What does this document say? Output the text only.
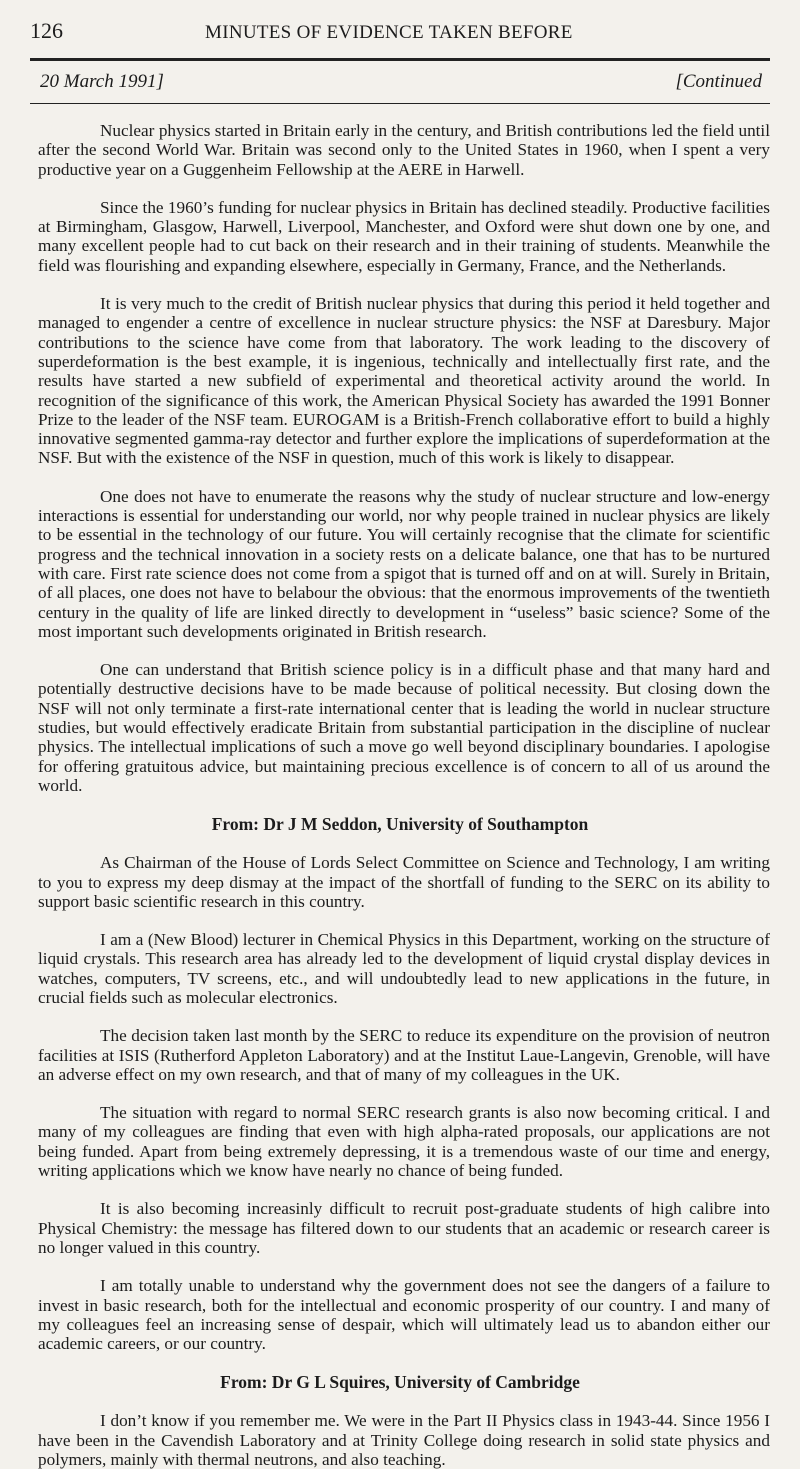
126	MINUTES OF EVIDENCE TAKEN BEFORE
20 March 1991]	[Continued

Nuclear physics started in Britain early in the century, and British contributions led the field until after the second World War. Britain was second only to the United States in 1960, when I spent a very productive year on a Guggenheim Fellowship at the AERE in Harwell.

Since the 1960’s funding for nuclear physics in Britain has declined steadily. Productive facilities at Birmingham, Glasgow, Harwell, Liverpool, Manchester, and Oxford were shut down one by one, and many excellent people had to cut back on their research and in their training of students. Meanwhile the field was flourishing and expanding elsewhere, especially in Germany, France, and the Netherlands.

It is very much to the credit of British nuclear physics that during this period it held together and managed to engender a centre of excellence in nuclear structure physics: the NSF at Daresbury. Major contributions to the science have come from that laboratory. The work leading to the discovery of superdeformation is the best example, it is ingenious, technically and intellectually first rate, and the results have started a new subfield of experimental and theoretical activity around the world. In recognition of the significance of this work, the American Physical Society has awarded the 1991 Bonner Prize to the leader of the NSF team. EUROGAM is a British-French collaborative effort to build a highly innovative segmented gamma-ray detector and further explore the implications of superdeformation at the NSF. But with the existence of the NSF in question, much of this work is likely to disappear.

One does not have to enumerate the reasons why the study of nuclear structure and low-energy interactions is essential for understanding our world, nor why people trained in nuclear physics are likely to be essential in the technology of our future. You will certainly recognise that the climate for scientific progress and the technical innovation in a society rests on a delicate balance, one that has to be nurtured with care. First rate science does not come from a spigot that is turned off and on at will. Surely in Britain, of all places, one does not have to belabour the obvious: that the enormous improvements of the twentieth century in the quality of life are linked directly to development in “useless” basic science? Some of the most important such developments originated in British research.

One can understand that British science policy is in a difficult phase and that many hard and potentially destructive decisions have to be made because of political necessity. But closing down the NSF will not only terminate a first-rate international center that is leading the world in nuclear structure studies, but would effectively eradicate Britain from substantial participation in the discipline of nuclear physics. The intellectual implications of such a move go well beyond disciplinary boundaries. I apologise for offering gratuitous advice, but maintaining precious excellence is of concern to all of us around the world.

From: Dr J M Seddon, University of Southampton

As Chairman of the House of Lords Select Committee on Science and Technology, I am writing to you to express my deep dismay at the impact of the shortfall of funding to the SERC on its ability to support basic scientific research in this country.

I am a (New Blood) lecturer in Chemical Physics in this Department, working on the structure of liquid crystals. This research area has already led to the development of liquid crystal display devices in watches, computers, TV screens, etc., and will undoubtedly lead to new applications in the future, in crucial fields such as molecular electronics.

The decision taken last month by the SERC to reduce its expenditure on the provision of neutron facilities at ISIS (Rutherford Appleton Laboratory) and at the Institut Laue-Langevin, Grenoble, will have an adverse effect on my own research, and that of many of my colleagues in the UK.

The situation with regard to normal SERC research grants is also now becoming critical. I and many of my colleagues are finding that even with high alpha-rated proposals, our applications are not being funded. Apart from being extremely depressing, it is a tremendous waste of our time and energy, writing applications which we know have nearly no chance of being funded.

It is also becoming increasinly difficult to recruit post-graduate students of high calibre into Physical Chemistry: the message has filtered down to our students that an academic or research career is no longer valued in this country.

I am totally unable to understand why the government does not see the dangers of a failure to invest in basic research, both for the intellectual and economic prosperity of our country. I and many of my colleagues feel an increasing sense of despair, which will ultimately lead us to abandon either our academic careers, or our country.

From: Dr G L Squires, University of Cambridge

I don’t know if you remember me. We were in the Part II Physics class in 1943-44. Since 1956 I have been in the Cavendish Laboratory and at Trinity College doing research in solid state physics and polymers, mainly with thermal neutrons, and also teaching.
